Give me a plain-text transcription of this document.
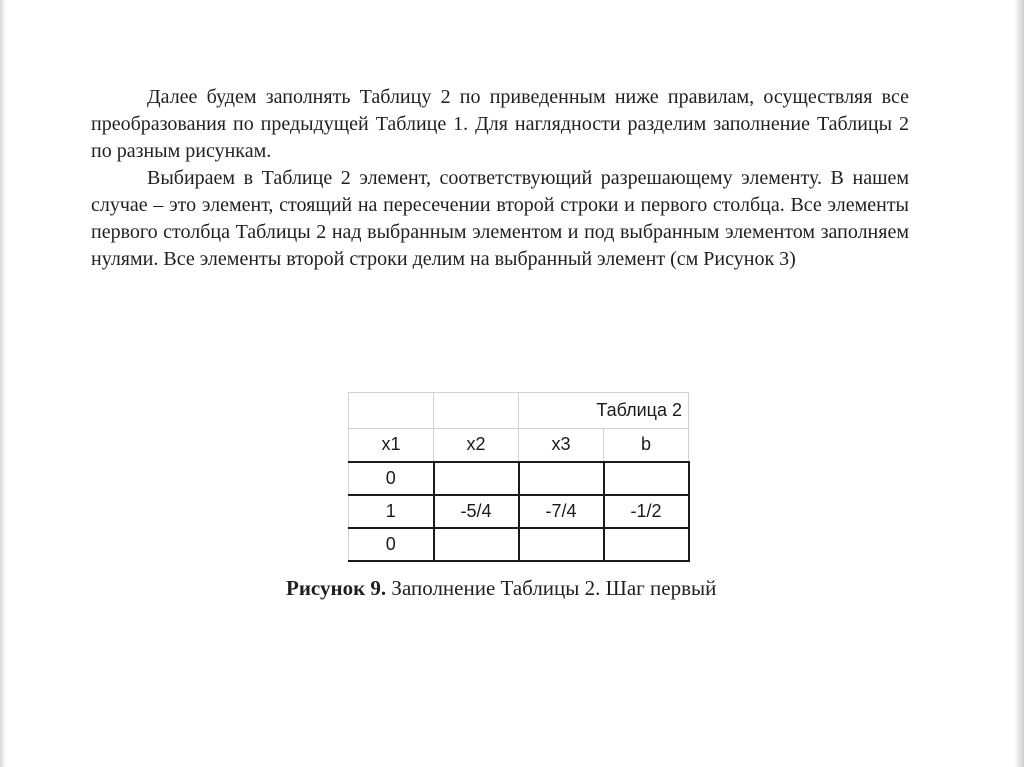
Далее будем заполнять Таблицу 2 по приведенным ниже правилам, осуществляя все преобразования по предыдущей Таблице 1. Для наглядности разделим заполнение Таблицы 2 по разным рисункам.

Выбираем в Таблице 2 элемент, соответствующий разрешающему элементу. В нашем случае – это элемент, стоящий на пересечении второй строки и первого столбца. Все элементы первого столбца Таблицы 2 над выбранным элементом и под выбранным элементом заполняем нулями. Все элементы второй строки делим на выбранный элемент (см Рисунок 3)

		Таблица 2	
x1	x2	x3	b
0			
1	-5/4	-7/4	-1/2
0			
Рисунок 9. Заполнение Таблицы 2. Шаг первый
